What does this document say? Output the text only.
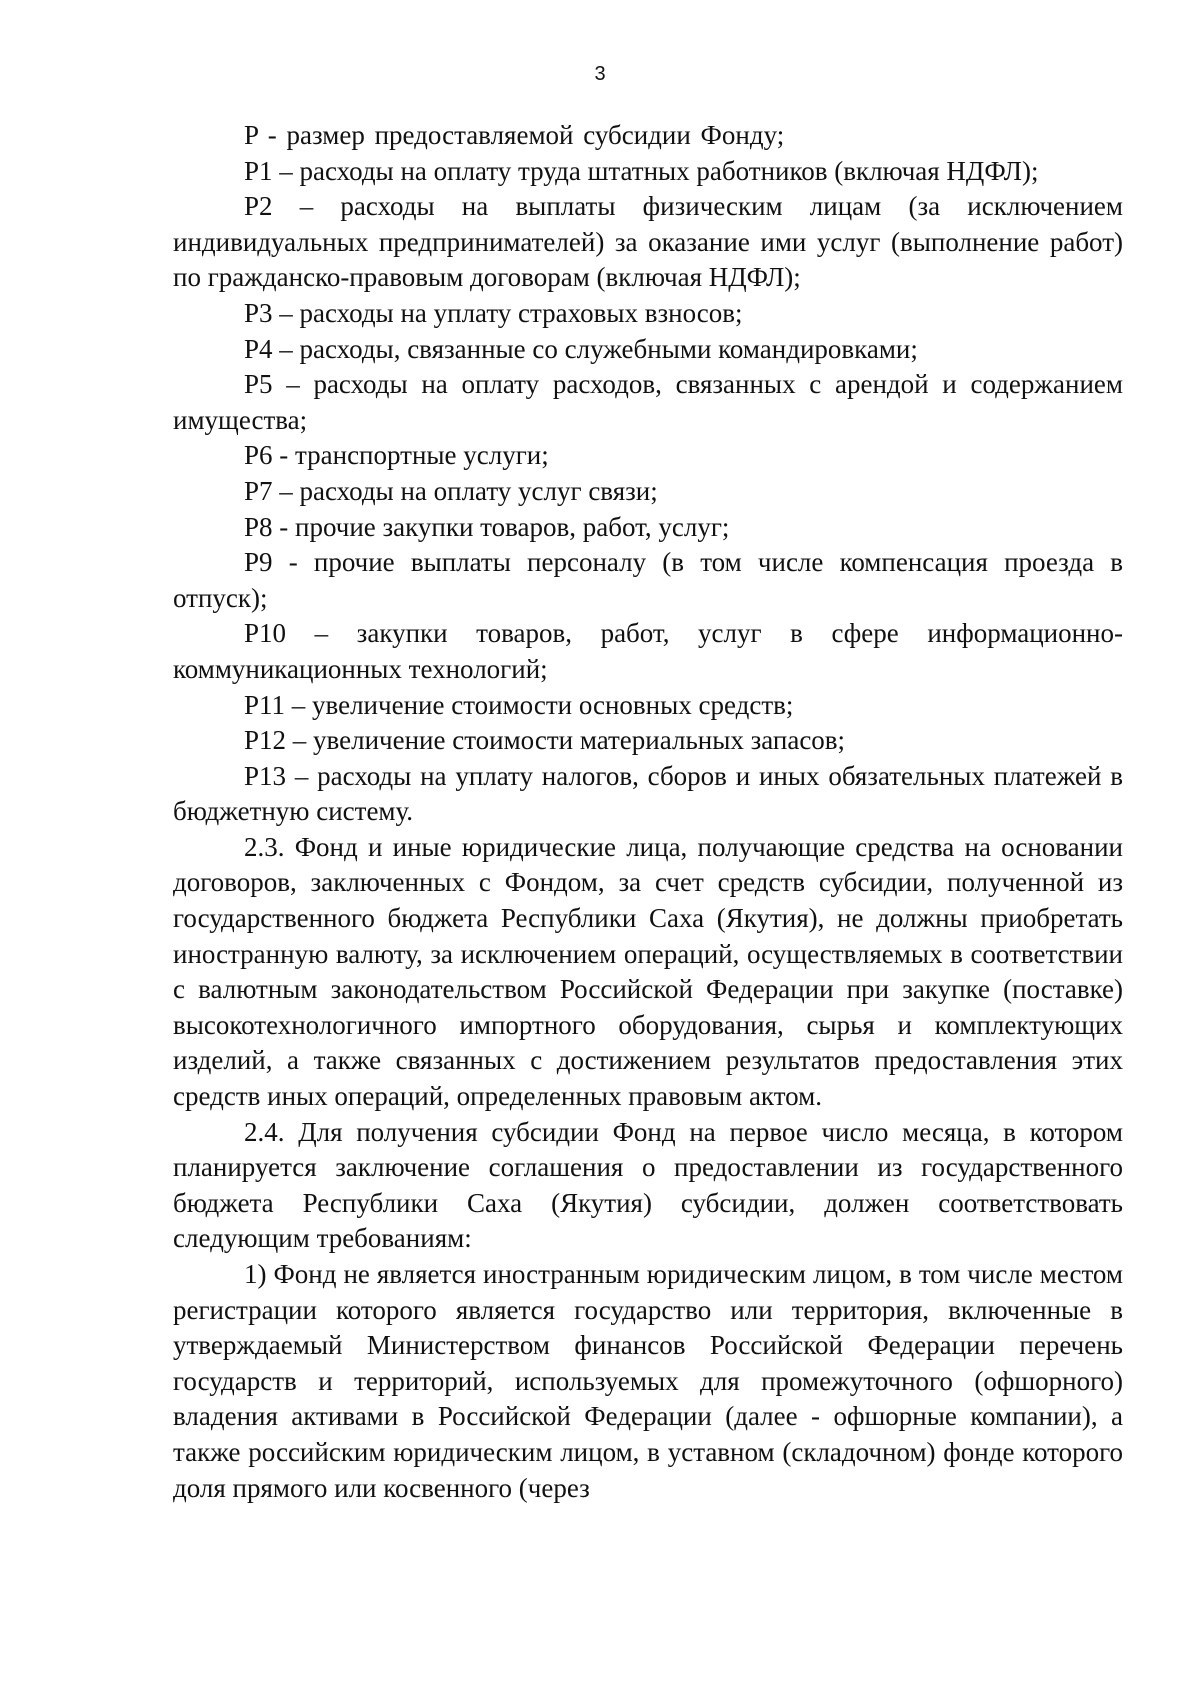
3

P - размер предоставляемой субсидии Фонду;

P1 – расходы на оплату труда штатных работников (включая НДФЛ);

P2 – расходы на выплаты физическим лицам (за исключением индивидуальных предпринимателей) за оказание ими услуг (выполнение работ) по гражданско-правовым договорам (включая НДФЛ);

P3 – расходы на уплату страховых взносов;

P4 – расходы, связанные со служебными командировками;

P5 – расходы на оплату расходов, связанных с арендой и содержанием имущества;

P6 - транспортные услуги;

P7 – расходы на оплату услуг связи;

P8 - прочие закупки товаров, работ, услуг;

P9 - прочие выплаты персоналу (в том числе компенсация проезда в отпуск);

P10 – закупки товаров, работ, услуг в сфере информационно-коммуникационных технологий;

P11 – увеличение стоимости основных средств;

P12 – увеличение стоимости материальных запасов;

P13 – расходы на уплату налогов, сборов и иных обязательных платежей в бюджетную систему.

2.3. Фонд и иные юридические лица, получающие средства на основании договоров, заключенных с Фондом, за счет средств субсидии, полученной из государственного бюджета Республики Саха (Якутия), не должны приобретать иностранную валюту, за исключением операций, осуществляемых в соответствии с валютным законодательством Российской Федерации при закупке (поставке) высокотехнологичного импортного оборудования, сырья и комплектующих изделий, а также связанных с достижением результатов предоставления этих средств иных операций, определенных правовым актом.

2.4. Для получения субсидии Фонд на первое число месяца, в котором планируется заключение соглашения о предоставлении из государственного бюджета Республики Саха (Якутия) субсидии, должен соответствовать следующим требованиям:

1) Фонд не является иностранным юридическим лицом, в том числе местом регистрации которого является государство или территория, включенные в утверждаемый Министерством финансов Российской Федерации перечень государств и территорий, используемых для промежуточного (офшорного) владения активами в Российской Федерации (далее - офшорные компании), а также российским юридическим лицом, в уставном (складочном) фонде которого доля прямого или косвенного (через
